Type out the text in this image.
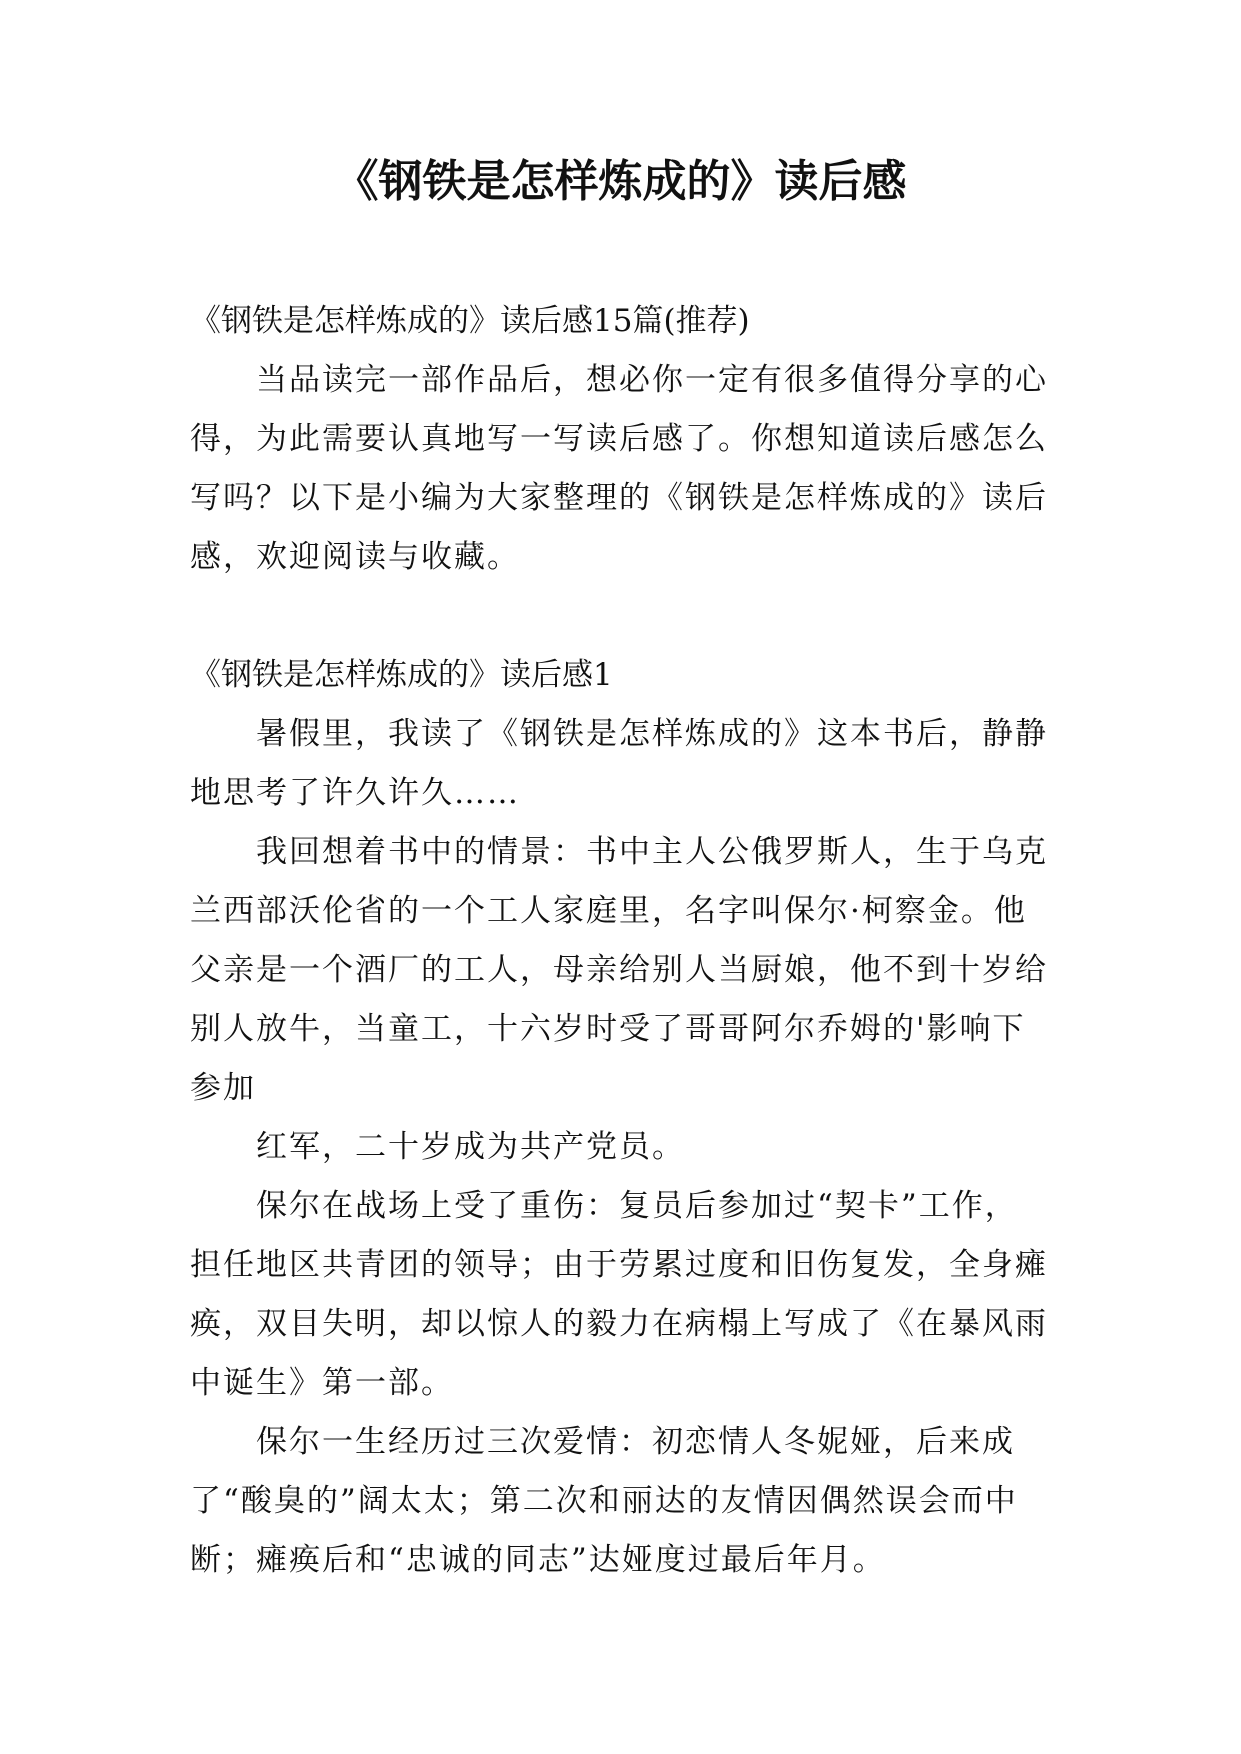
《钢铁是怎样炼成的》读后感

《钢铁是怎样炼成的》读后感15篇(推荐)

当品读完一部作品后，想必你一定有很多值得分享的心得，为此需要认真地写一写读后感了。你想知道读后感怎么写吗？以下是小编为大家整理的《钢铁是怎样炼成的》读后感，欢迎阅读与收藏。

《钢铁是怎样炼成的》读后感1

暑假里，我读了《钢铁是怎样炼成的》这本书后，静静地思考了许久许久……

我回想着书中的情景：书中主人公俄罗斯人，生于乌克兰西部沃伦省的一个工人家庭里，名字叫保尔·柯察金。他父亲是一个酒厂的工人，母亲给别人当厨娘，他不到十岁给别人放牛，当童工，十六岁时受了哥哥阿尔乔姆的'影响下参加

红军，二十岁成为共产党员。

保尔在战场上受了重伤：复员后参加过“契卡”工作，担任地区共青团的领导；由于劳累过度和旧伤复发，全身瘫痪，双目失明，却以惊人的毅力在病榻上写成了《在暴风雨中诞生》第一部。

保尔一生经历过三次爱情：初恋情人冬妮娅，后来成了“酸臭的”阔太太；第二次和丽达的友情因偶然误会而中断；瘫痪后和“忠诚的同志”达娅度过最后年月。
